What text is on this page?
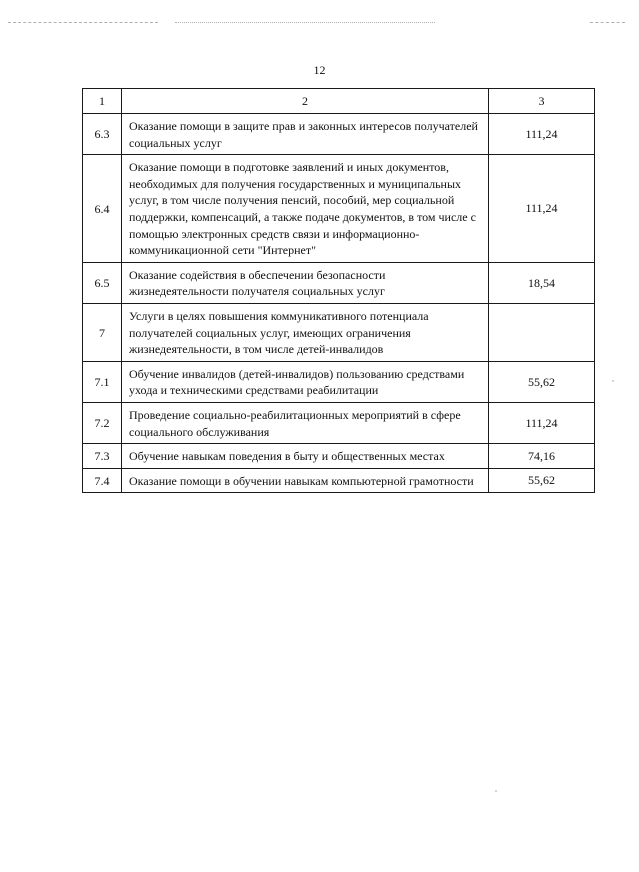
12
1	2	3
6.3	Оказание помощи в защите прав и законных интересов получателей социальных услуг	111,24
6.4	Оказание помощи в подготовке заявлений и иных документов, необходимых для получения государственных и муниципальных услуг, в том числе получения пенсий, пособий, мер социальной поддержки, компенсаций, а также подаче документов, в том числе с помощью электронных средств связи и информационно-коммуникационной сети "Интернет"	111,24
6.5	Оказание содействия в обеспечении безопасности жизнедеятельности получателя социальных услуг	18,54
7	Услуги в целях повышения коммуникативного потенциала получателей социальных услуг, имеющих ограничения жизнедеятельности, в том числе детей-инвалидов	
7.1	Обучение инвалидов (детей-инвалидов) пользованию средствами ухода и техническими средствами реабилитации	55,62
7.2	Проведение социально-реабилитационных мероприятий в сфере социального обслуживания	111,24
7.3	Обучение навыкам поведения в быту и общественных местах	74,16
7.4	Оказание помощи в обучении навыкам компьютерной грамотности	55,62
